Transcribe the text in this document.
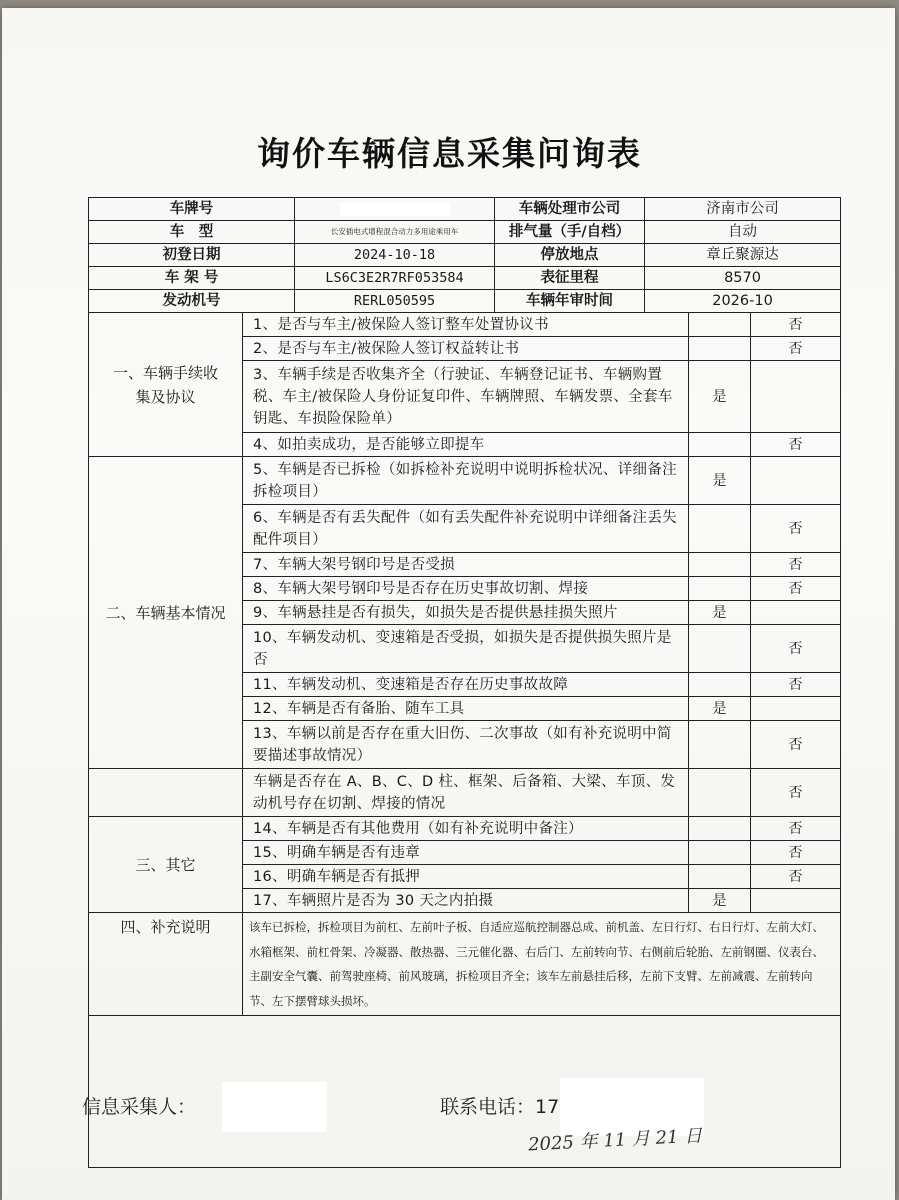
询价车辆信息采集问询表
车牌号			车辆处理市公司	济南市公司		
车　型		长安插电式增程混合动力多用途乘用车	排气量（手/自档）	自动		
初登日期		2024-10-18	停放地点	章丘聚源达		
车 架 号		LS6C3E2R7RF053584	表征里程	8570		
发动机号		RERL050595	车辆年审时间	2026-10		
一、车辆手续收集及协议	1、是否与车主/被保险人签订整车处置协议书					否
	2、是否与车主/被保险人签订权益转让书					否
	3、车辆手续是否收集齐全（行驶证、车辆登记证书、车辆购置税、车主/被保险人身份证复印件、车辆牌照、车辆发票、全套车钥匙、车损险保险单）				是	
	4、如拍卖成功，是否能够立即提车					否
二、车辆基本情况	5、车辆是否已拆检（如拆检补充说明中说明拆检状况、详细备注拆检项目）				是	
	6、车辆是否有丢失配件（如有丢失配件补充说明中详细备注丢失配件项目）					否
	7、车辆大架号钢印号是否受损					否
	8、车辆大架号钢印号是否存在历史事故切割、焊接					否
	9、车辆悬挂是否有损失，如损失是否提供悬挂损失照片				是	
	10、车辆发动机、变速箱是否受损，如损失是否提供损失照片是否					否
	11、车辆发动机、变速箱是否存在历史事故故障					否
	12、车辆是否有备胎、随车工具				是	
	13、车辆以前是否存在重大旧伤、二次事故（如有补充说明中简要描述事故情况）					否
	车辆是否存在 A、B、C、D 柱、框架、后备箱、大梁、车顶、发动机号存在切割、焊接的情况					否
三、其它	14、车辆是否有其他费用（如有补充说明中备注）					否
	15、明确车辆是否有违章					否
	16、明确车辆是否有抵押					否
	17、车辆照片是否为 30 天之内拍摄				是	
四、补充说明	该车已拆检，拆检项目为前杠、左前叶子板、自适应巡航控制器总成、前机盖、左日行灯、右日行灯、左前大灯、水箱框架、前杠骨架、冷凝器、散热器、三元催化器、右后门、左前转向节、右侧前后轮胎、左前钢圈、仪表台、主副安全气囊、前驾驶座椅、前风玻璃，拆检项目齐全；该车左前悬挂后移，左前下支臂、左前减震、左前转向节、左下摆臂球头损坏。					

信息采集人：	联系电话：17
2025 年 11 月 21 日
